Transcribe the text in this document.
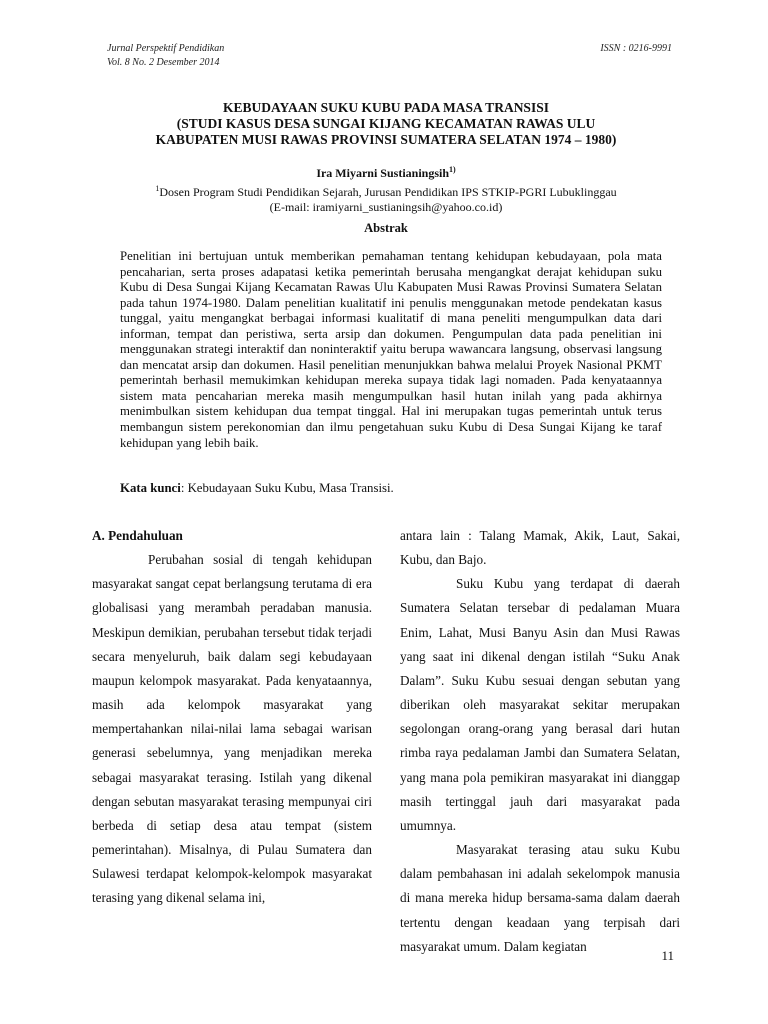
Jurnal Perspektif Pendidikan
Vol. 8 No. 2 Desember 2014
ISSN : 0216-9991
KEBUDAYAAN SUKU KUBU PADA MASA TRANSISI
(STUDI KASUS DESA SUNGAI KIJANG KECAMATAN RAWAS ULU
KABUPATEN MUSI RAWAS PROVINSI SUMATERA SELATAN 1974 – 1980)
Ira Miyarni Sustianingsih$^{1)}$
$^1$Dosen Program Studi Pendidikan Sejarah, Jurusan Pendidikan IPS STKIP-PGRI Lubuklinggau
(E-mail: iramiyarni_sustianingsih@yahoo.co.id)
Abstrak

Penelitian ini bertujuan untuk memberikan pemahaman tentang kehidupan kebudayaan, pola mata pencaharian, serta proses adapatasi ketika pemerintah berusaha mengangkat derajat kehidupan suku Kubu di Desa Sungai Kijang Kecamatan Rawas Ulu Kabupaten Musi Rawas Provinsi Sumatera Selatan pada tahun 1974-1980. Dalam penelitian kualitatif ini penulis menggunakan metode pendekatan kasus tunggal, yaitu mengangkat berbagai informasi kualitatif di mana peneliti mengumpulkan data dari informan, tempat dan peristiwa, serta arsip dan dokumen. Pengumpulan data pada penelitian ini menggunakan strategi interaktif dan noninteraktif yaitu berupa wawancara langsung, observasi langsung dan mencatat arsip dan dokumen. Hasil penelitian menunjukkan bahwa melalui Proyek Nasional PKMT pemerintah berhasil memukimkan kehidupan mereka supaya tidak lagi nomaden. Pada kenyataannya sistem mata pencaharian mereka masih mengumpulkan hasil hutan inilah yang pada akhirnya menimbulkan sistem kehidupan dua tempat tinggal. Hal ini merupakan tugas pemerintah untuk terus membangun sistem perekonomian dan ilmu pengetahuan suku Kubu di Desa Sungai Kijang ke taraf kehidupan yang lebih baik.

Kata kunci: Kebudayaan Suku Kubu, Masa Transisi.

A. Pendahuluan

Perubahan sosial di tengah kehidupan masyarakat sangat cepat berlangsung terutama di era globalisasi yang merambah peradaban manusia. Meskipun demikian, perubahan tersebut tidak terjadi secara menyeluruh, baik dalam segi kebudayaan maupun kelompok masyarakat. Pada kenyataannya, masih ada kelompok masyarakat yang mempertahankan nilai-nilai lama sebagai warisan generasi sebelumnya, yang menjadikan mereka sebagai masyarakat terasing. Istilah yang dikenal dengan sebutan masyarakat terasing mempunyai ciri berbeda di setiap desa atau tempat (sistem pemerintahan). Misalnya, di Pulau Sumatera dan Sulawesi terdapat kelompok-kelompok masyarakat terasing yang dikenal selama ini,

antara lain : Talang Mamak, Akik, Laut, Sakai, Kubu, dan Bajo.

Suku Kubu yang terdapat di daerah Sumatera Selatan tersebar di pedalaman Muara Enim, Lahat, Musi Banyu Asin dan Musi Rawas yang saat ini dikenal dengan istilah “Suku Anak Dalam”. Suku Kubu sesuai dengan sebutan yang diberikan oleh masyarakat sekitar merupakan segolongan orang-orang yang berasal dari hutan rimba raya pedalaman Jambi dan Sumatera Selatan, yang mana pola pemikiran masyarakat ini dianggap masih tertinggal jauh dari masyarakat pada umumnya.

Masyarakat terasing atau suku Kubu dalam pembahasan ini adalah sekelompok manusia di mana mereka hidup bersama-sama dalam daerah tertentu dengan keadaan yang terpisah dari masyarakat umum. Dalam kegiatan

11
